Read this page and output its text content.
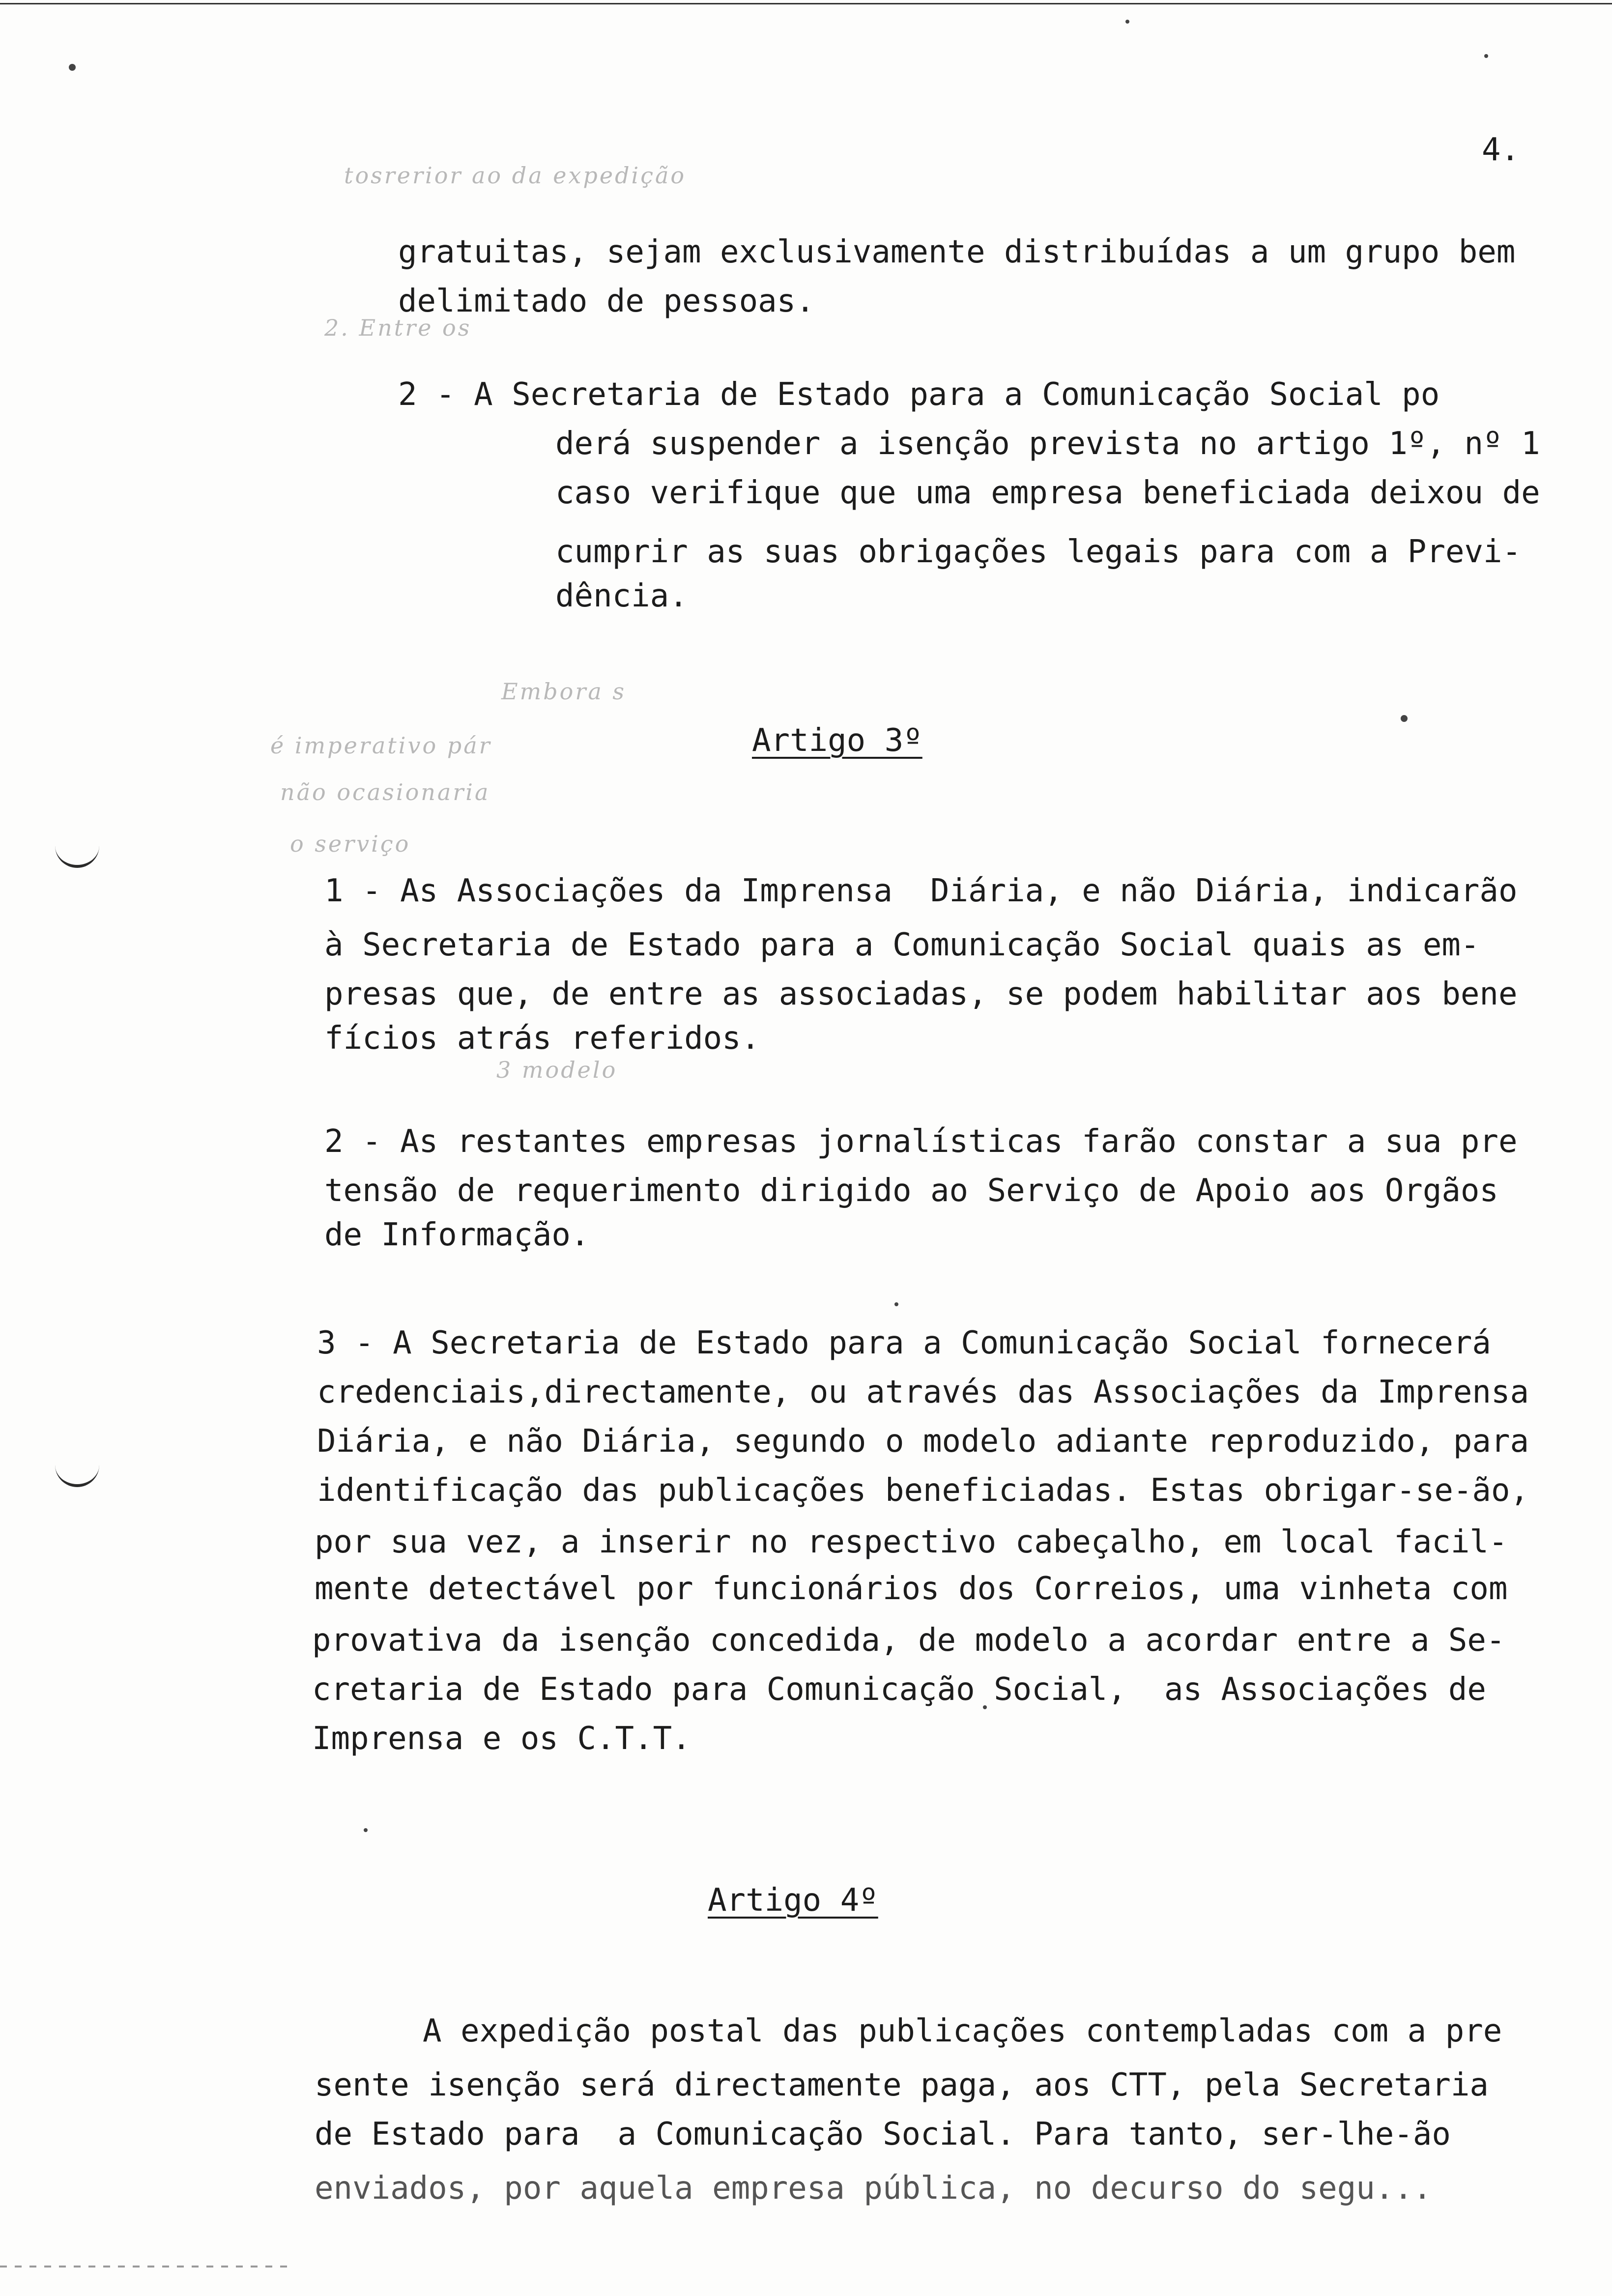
4.
tosrerior ao da expedição
2. Entre os
Embora s
é imperativo pár
não ocasionaria
o serviço
3 modelo
gratuitas, sejam exclusivamente distribuídas a um grupo bem
delimitado de pessoas.
2 - A Secretaria de Estado para a Comunicação Social po
derá suspender a isenção prevista no artigo 1º, nº 1
caso verifique que uma empresa beneficiada deixou de
cumprir as suas obrigações legais para com a Previ-
dência.
Artigo 3º
1 - As Associações da Imprensa  Diária, e não Diária, indicarão
à Secretaria de Estado para a Comunicação Social quais as em-
presas que, de entre as associadas, se podem habilitar aos bene
fícios atrás referidos.
2 - As restantes empresas jornalísticas farão constar a sua pre
tensão de requerimento dirigido ao Serviço de Apoio aos Orgãos
de Informação.
3 - A Secretaria de Estado para a Comunicação Social fornecerá
credenciais,directamente, ou através das Associações da Imprensa
Diária, e não Diária, segundo o modelo adiante reproduzido, para
identificação das publicações beneficiadas. Estas obrigar-se-ão,
por sua vez, a inserir no respectivo cabeçalho, em local facil-
mente detectável por funcionários dos Correios, uma vinheta com
provativa da isenção concedida, de modelo a acordar entre a Se-
cretaria de Estado para Comunicação Social,  as Associações de
Imprensa e os C.T.T.
Artigo 4º
A expedição postal das publicações contempladas com a pre
sente isenção será directamente paga, aos CTT, pela Secretaria
de Estado para  a Comunicação Social. Para tanto, ser-lhe-ão
enviados, por aquela empresa pública, no decurso do segu...
